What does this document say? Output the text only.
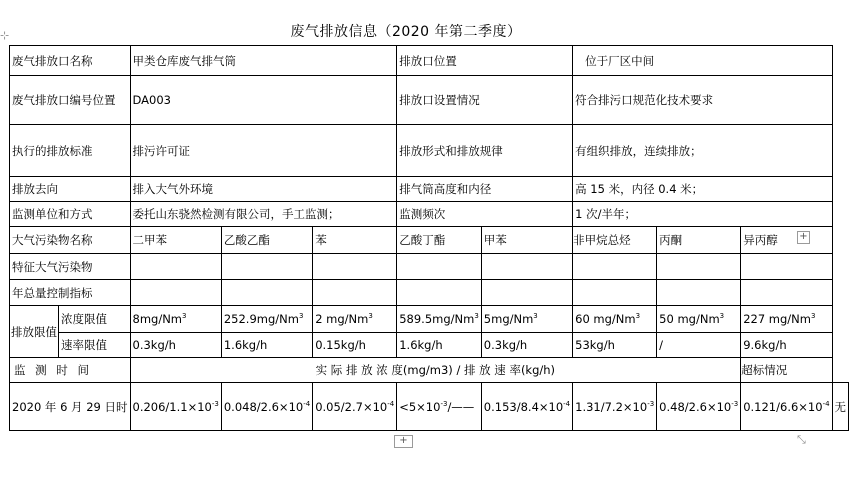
⊹	废气排放信息（2020 年第二季度）
废气排放口名称		甲类仓库废气排气筒			排放口位置		位于厂区中间			
废气排放口编号位置		DA003			排放口设置情况		符合排污口规范化技术要求			
执行的排放标准		排污许可证			排放形式和排放规律		有组织排放，连续排放；			
排放去向		排入大气外环境			排气筒高度和内径		高 15 米，内径 0.4 米；			
监测单位和方式		委托山东骁然检测有限公司，手工监测；			监测频次		1 次/半年；			
大气污染物名称		二甲苯	乙酸乙酯	苯	乙酸丁酯	甲苯	非甲烷总烃	丙酮	异丙醇	
特征大气污染物										
年总量控制指标										
排放限值	浓度限值	8mg/Nm$^3$	252.9mg/Nm$^3$	2 mg/Nm$^3$	589.5mg/Nm$^3$	5mg/Nm$^3$	60 mg/Nm$^3$	50 mg/Nm$^3$	227 mg/Nm$^3$
	速率限值	0.3kg/h	1.6kg/h	0.15kg/h	1.6kg/h	0.3kg/h	53kg/h	/	9.6kg/h	
监 测 时 间		实 际 排 放 浓 度(mg/m3) / 排 放 速 率(kg/h)							超标情况	
2020 年 6 月 29 日时		$0.206/1.1\times 10^{-3}$	$0.048/2.6\times 10^{-4}$	$0.05/2.7\times 10^{-4}$	$<5\times 10^{-3}/——$	$0.153/8.4\times 10^{-4}$	$1.31/7.2\times 10^{-3}$	$0.48/2.6\times 10^{-3}$	$0.121/6.6\times 10^{-4}$	无
+
+	⤡
